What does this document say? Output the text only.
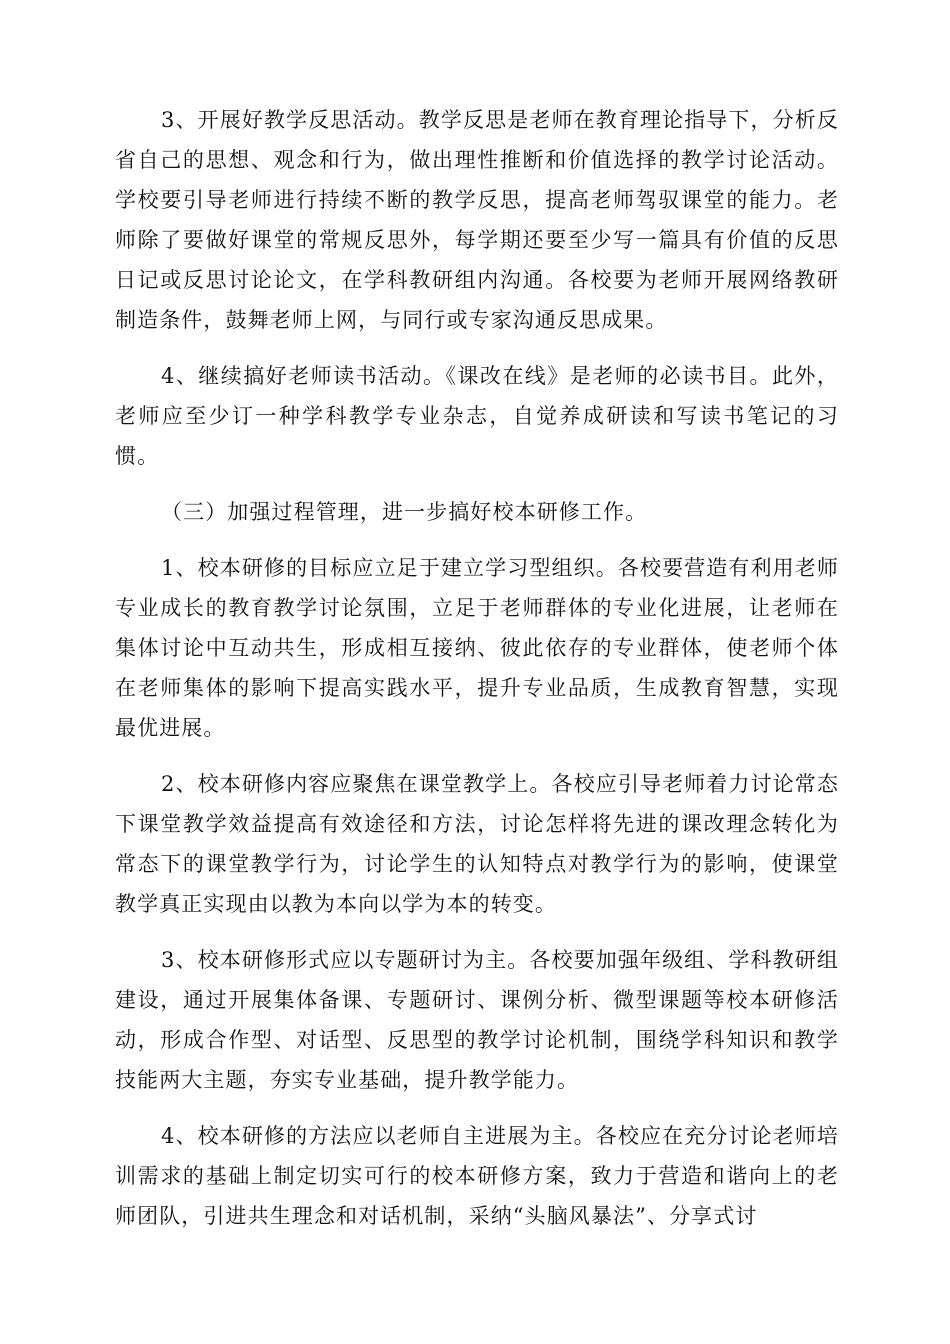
3、开展好教学反思活动。教学反思是老师在教育理论指导下，分析反省自己的思想、观念和行为，做出理性推断和价值选择的教学讨论活动。学校要引导老师进行持续不断的教学反思，提高老师驾驭课堂的能力。老师除了要做好课堂的常规反思外，每学期还要至少写一篇具有价值的反思日记或反思讨论论文，在学科教研组内沟通。各校要为老师开展网络教研制造条件，鼓舞老师上网，与同行或专家沟通反思成果。

4、继续搞好老师读书活动。《课改在线》是老师的必读书目。此外，老师应至少订一种学科教学专业杂志，自觉养成研读和写读书笔记的习惯。

（三）加强过程管理，进一步搞好校本研修工作。

1、校本研修的目标应立足于建立学习型组织。各校要营造有利用老师专业成长的教育教学讨论氛围，立足于老师群体的专业化进展，让老师在集体讨论中互动共生，形成相互接纳、彼此依存的专业群体，使老师个体在老师集体的影响下提高实践水平，提升专业品质，生成教育智慧，实现最优进展。

2、校本研修内容应聚焦在课堂教学上。各校应引导老师着力讨论常态下课堂教学效益提高有效途径和方法，讨论怎样将先进的课改理念转化为常态下的课堂教学行为，讨论学生的认知特点对教学行为的影响，使课堂教学真正实现由以教为本向以学为本的转变。

3、校本研修形式应以专题研讨为主。各校要加强年级组、学科教研组建设，通过开展集体备课、专题研讨、课例分析、微型课题等校本研修活动，形成合作型、对话型、反思型的教学讨论机制，围绕学科知识和教学技能两大主题，夯实专业基础，提升教学能力。

4、校本研修的方法应以老师自主进展为主。各校应在充分讨论老师培训需求的基础上制定切实可行的校本研修方案，致力于营造和谐向上的老师团队，引进共生理念和对话机制，采纳“头脑风暴法”、分享式讨
